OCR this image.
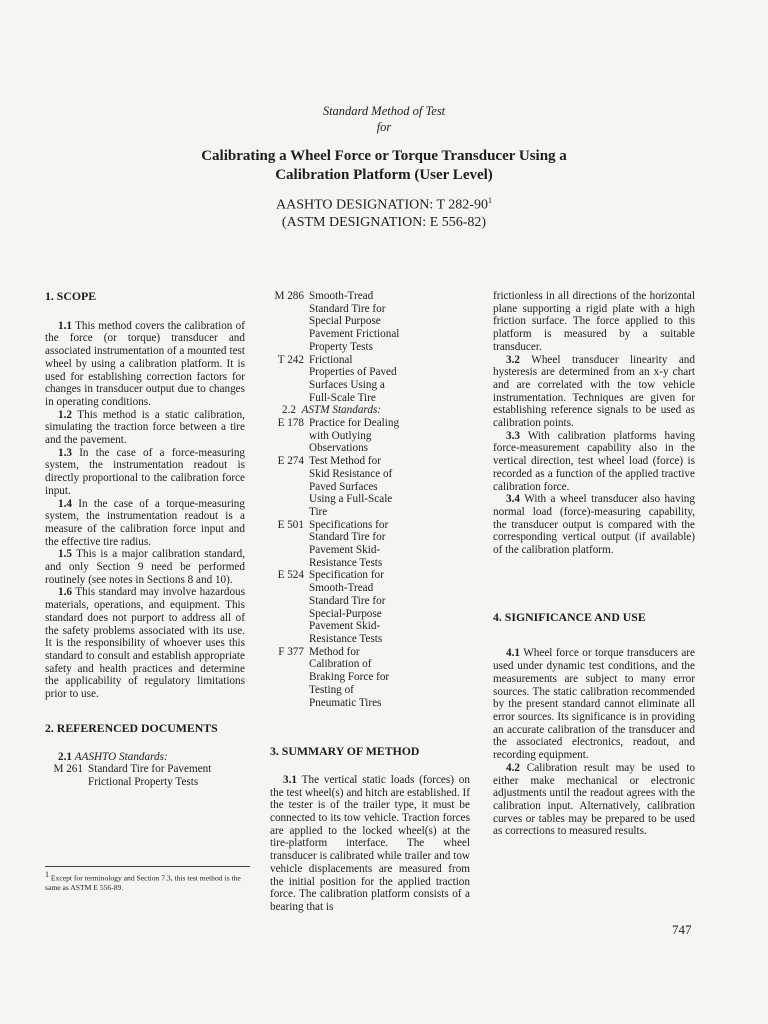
Standard Method of Test
for
Calibrating a Wheel Force or Torque Transducer Using a
Calibration Platform (User Level)
AASHTO DESIGNATION: T $282-90^1$
(ASTM DESIGNATION: E 556-82)
1. SCOPE

1.1 This method covers the calibration of the force (or torque) transducer and associated instrumentation of a mounted test wheel by using a calibration platform. It is used for establishing correction factors for changes in transducer output due to changes in operating conditions.

1.2 This method is a static calibration, simulating the traction force between a tire and the pavement.

1.3 In the case of a force-measuring system, the instrumentation readout is directly proportional to the calibration force input.

1.4 In the case of a torque-measuring system, the instrumentation readout is a measure of the calibration force input and the effective tire radius.

1.5 This is a major calibration standard, and only Section 9 need be performed routinely (see notes in Sections 8 and 10).

1.6 This standard may involve hazardous materials, operations, and equipment. This standard does not purport to address all of the safety problems associated with its use. It is the responsibility of whoever uses this standard to consult and establish appropriate safety and health practices and determine the applicability of regulatory limitations prior to use.

2. REFERENCED DOCUMENTS

2.1 AASHTO Standards:

M 261 Standard Tire for Pavement Frictional Property Tests
$^1$ Except for terminology and Section 7.3, this test method is the same as ASTM E 556-89.
M 286 Smooth-Tread Standard Tire for Special Purpose Pavement Frictional Property Tests
T 242 Frictional Properties of Paved Surfaces Using a Full-Scale Tire

2.2 ASTM Standards:

E 178 Practice for Dealing with Outlying Observations
E 274 Test Method for Skid Resistance of Paved Surfaces Using a Full-Scale Tire
E 501 Specifications for Standard Tire for Pavement Skid-Resistance Tests
E 524 Specification for Smooth-Tread Standard Tire for Special-Purpose Pavement Skid-Resistance Tests
F 377 Method for Calibration of Braking Force for Testing of Pneumatic Tires
3. SUMMARY OF METHOD

3.1 The vertical static loads (forces) on the test wheel(s) and hitch are established. If the tester is of the trailer type, it must be connected to its tow vehicle. Traction forces are applied to the locked wheel(s) at the tire-platform interface. The wheel transducer is calibrated while trailer and tow vehicle displacements are measured from the initial position for the applied traction force. The calibration platform consists of a bearing that is

frictionless in all directions of the horizontal plane supporting a rigid plate with a high friction surface. The force applied to this platform is measured by a suitable transducer.

3.2 Wheel transducer linearity and hysteresis are determined from an x-y chart and are correlated with the tow vehicle instrumentation. Techniques are given for establishing reference signals to be used as calibration points.

3.3 With calibration platforms having force-measurement capability also in the vertical direction, test wheel load (force) is recorded as a function of the applied tractive calibration force.

3.4 With a wheel transducer also having normal load (force)-measuring capability, the transducer output is compared with the corresponding vertical output (if available) of the calibration platform.

4. SIGNIFICANCE AND USE

4.1 Wheel force or torque transducers are used under dynamic test conditions, and the measurements are subject to many error sources. The static calibration recommended by the present standard cannot eliminate all error sources. Its significance is in providing an accurate calibration of the transducer and the associated electronics, readout, and recording equipment.

4.2 Calibration result may be used to either make mechanical or electronic adjustments until the readout agrees with the calibration input. Alternatively, calibration curves or tables may be prepared to be used as corrections to measured results.

747
